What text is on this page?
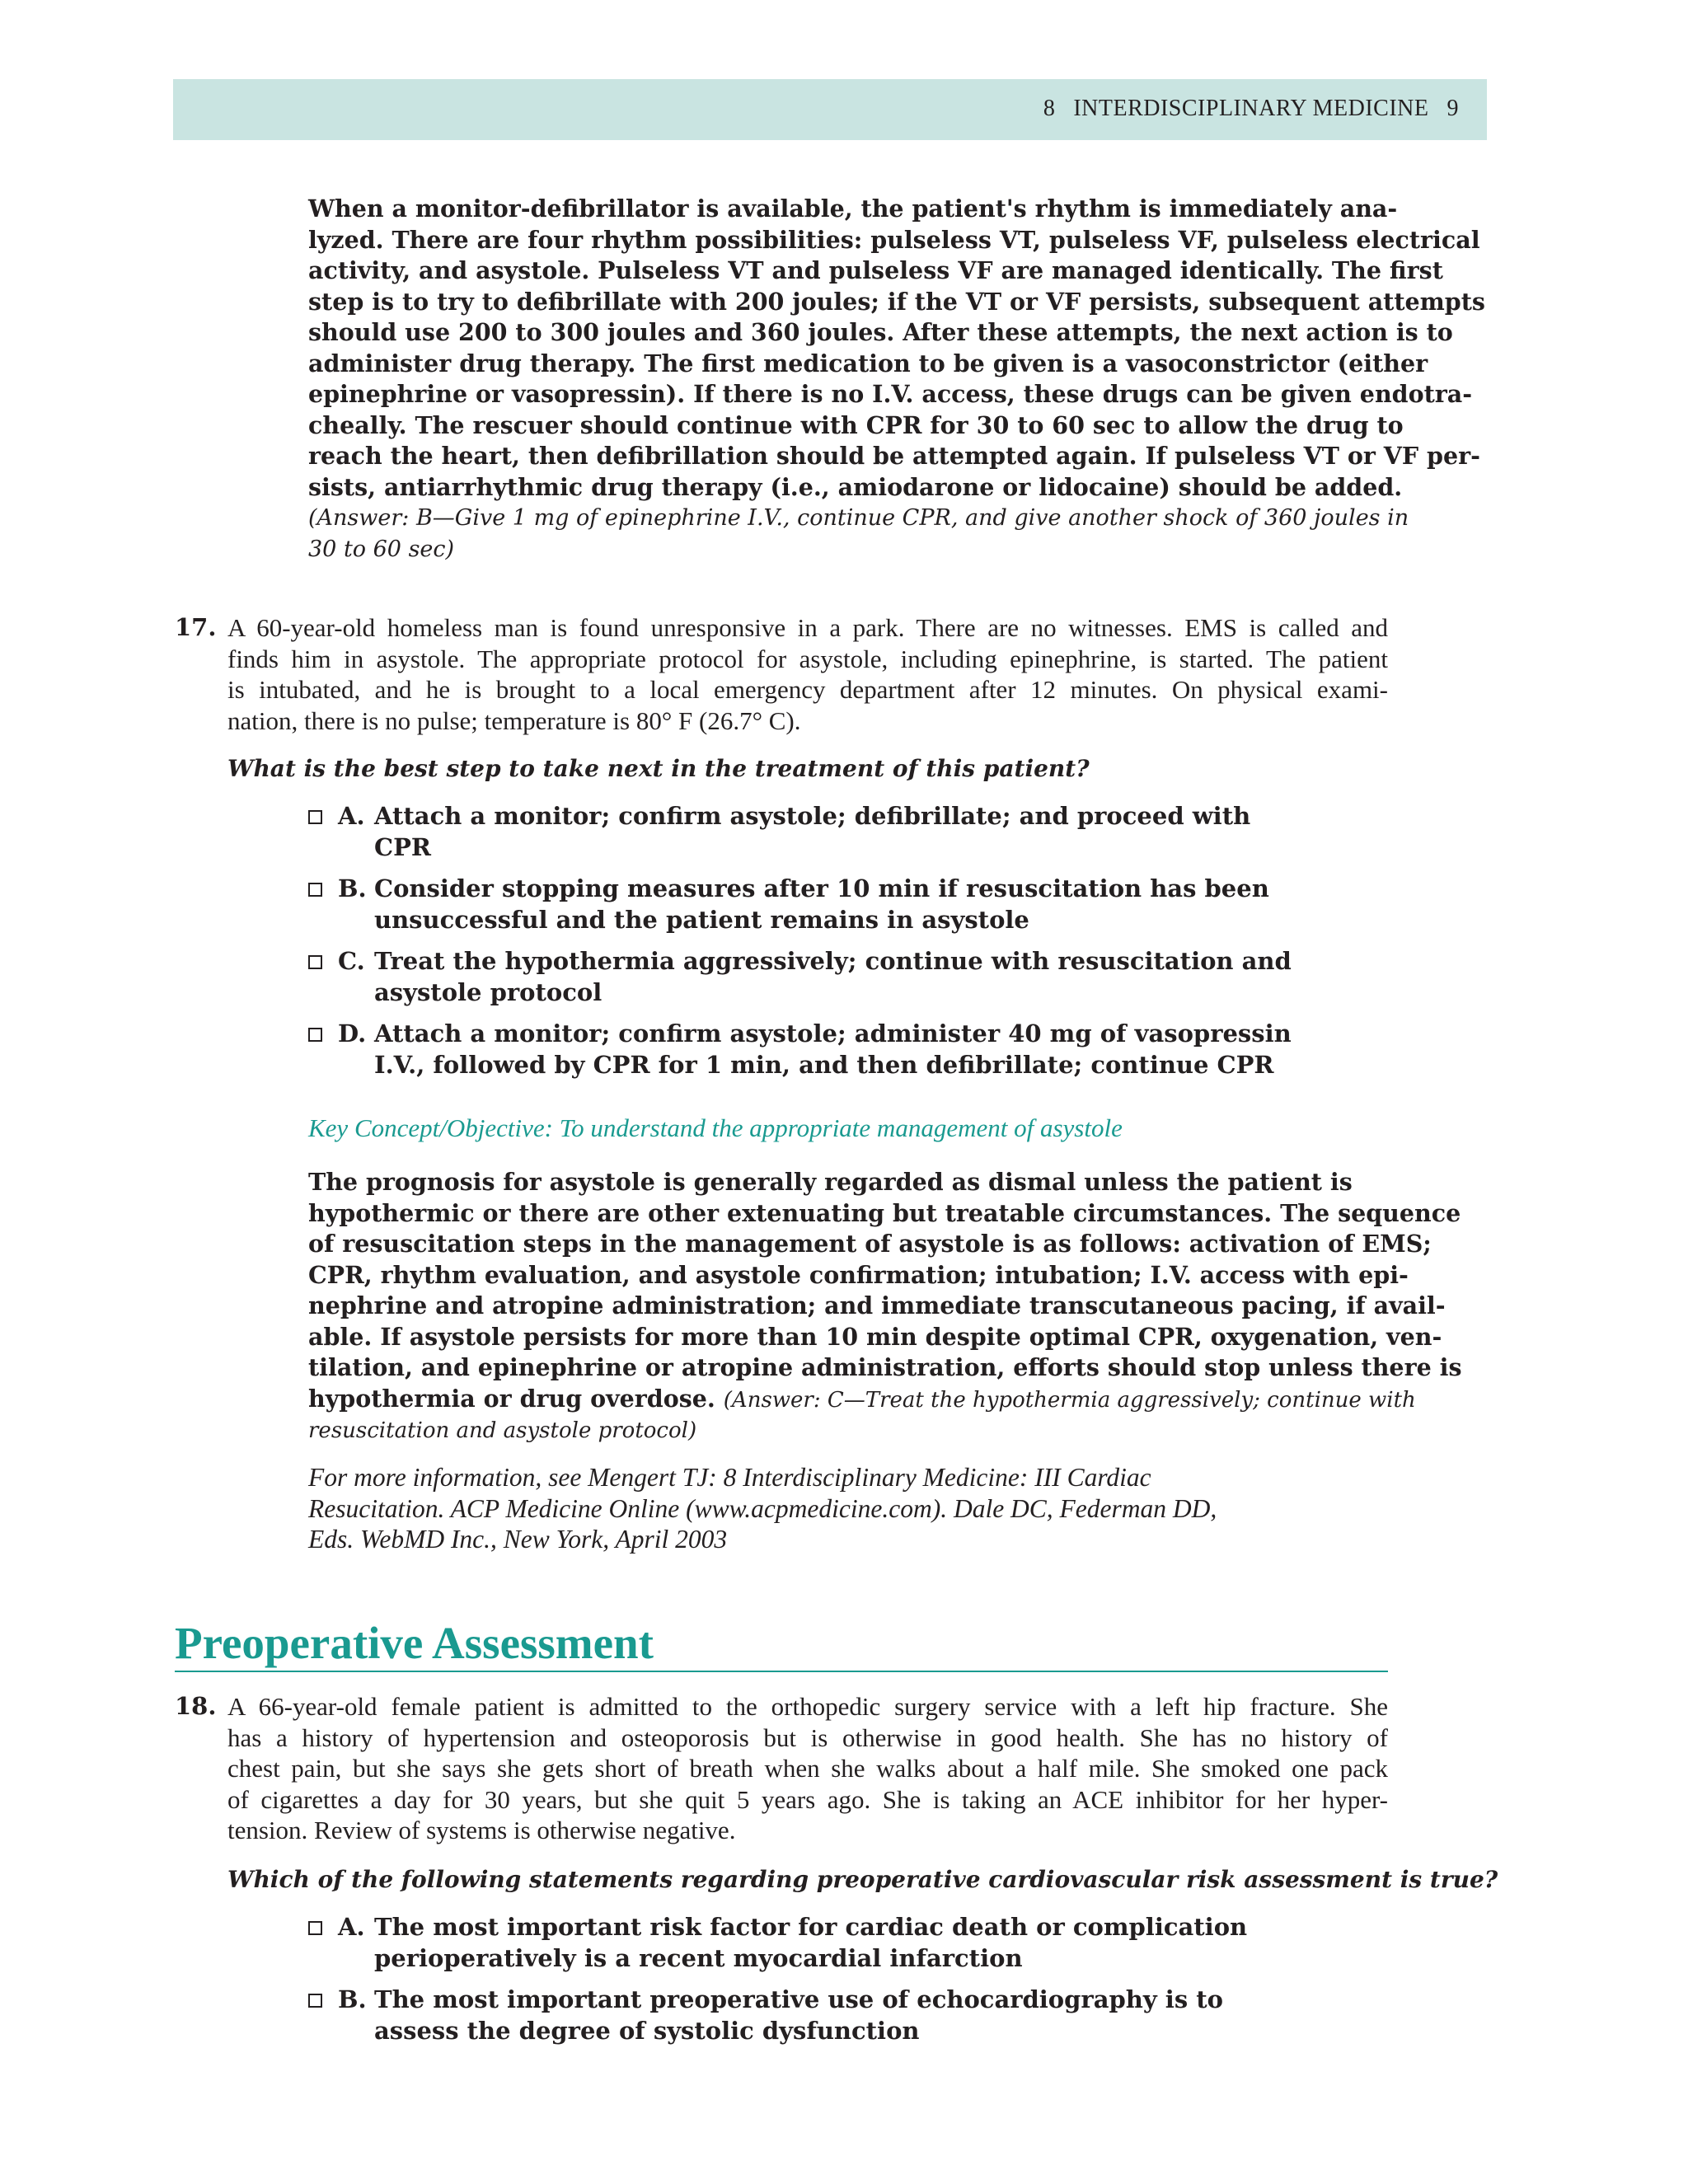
8 INTERDISCIPLINARY MEDICINE 9
When a monitor-defibrillator is available, the patient's rhythm is immediately ana-
lyzed. There are four rhythm possibilities: pulseless VT, pulseless VF, pulseless electrical
activity, and asystole. Pulseless VT and pulseless VF are managed identically. The first
step is to try to defibrillate with 200 joules; if the VT or VF persists, subsequent attempts
should use 200 to 300 joules and 360 joules. After these attempts, the next action is to
administer drug therapy. The first medication to be given is a vasoconstrictor (either
epinephrine or vasopressin). If there is no I.V. access, these drugs can be given endotra-
cheally. The rescuer should continue with CPR for 30 to 60 sec to allow the drug to
reach the heart, then defibrillation should be attempted again. If pulseless VT or VF per-
sists, antiarrhythmic drug therapy (i.e., amiodarone or lidocaine) should be added.
(Answer: B—Give 1 mg of epinephrine I.V., continue CPR, and give another shock of 360 joules in
30 to 60 sec)
17. A 60-year-old homeless man is found unresponsive in a park. There are no witnesses. EMS is called and
finds him in asystole. The appropriate protocol for asystole, including epinephrine, is started. The patient
is intubated, and he is brought to a local emergency department after 12 minutes. On physical exami-
nation, there is no pulse; temperature is 80° F (26.7° C).
What is the best step to take next in the treatment of this patient?
A. Attach a monitor; confirm asystole; defibrillate; and proceed with
CPR
B. Consider stopping measures after 10 min if resuscitation has been
unsuccessful and the patient remains in asystole
C. Treat the hypothermia aggressively; continue with resuscitation and
asystole protocol
D. Attach a monitor; confirm asystole; administer 40 mg of vasopressin
I.V., followed by CPR for 1 min, and then defibrillate; continue CPR
Key Concept/Objective: To understand the appropriate management of asystole
The prognosis for asystole is generally regarded as dismal unless the patient is
hypothermic or there are other extenuating but treatable circumstances. The sequence
of resuscitation steps in the management of asystole is as follows: activation of EMS;
CPR, rhythm evaluation, and asystole confirmation; intubation; I.V. access with epi-
nephrine and atropine administration; and immediate transcutaneous pacing, if avail-
able. If asystole persists for more than 10 min despite optimal CPR, oxygenation, ven-
tilation, and epinephrine or atropine administration, efforts should stop unless there is
hypothermia or drug overdose. (Answer: C—Treat the hypothermia aggressively; continue with
resuscitation and asystole protocol)
For more information, see Mengert TJ: 8 Interdisciplinary Medicine: III Cardiac
Resucitation. ACP Medicine Online (www.acpmedicine.com). Dale DC, Federman DD,
Eds. WebMD Inc., New York, April 2003
Preoperative Assessment
18. A 66-year-old female patient is admitted to the orthopedic surgery service with a left hip fracture. She
has a history of hypertension and osteoporosis but is otherwise in good health. She has no history of
chest pain, but she says she gets short of breath when she walks about a half mile. She smoked one pack
of cigarettes a day for 30 years, but she quit 5 years ago. She is taking an ACE inhibitor for her hyper-
tension. Review of systems is otherwise negative.
Which of the following statements regarding preoperative cardiovascular risk assessment is true?
A. The most important risk factor for cardiac death or complication
perioperatively is a recent myocardial infarction
B. The most important preoperative use of echocardiography is to
assess the degree of systolic dysfunction
